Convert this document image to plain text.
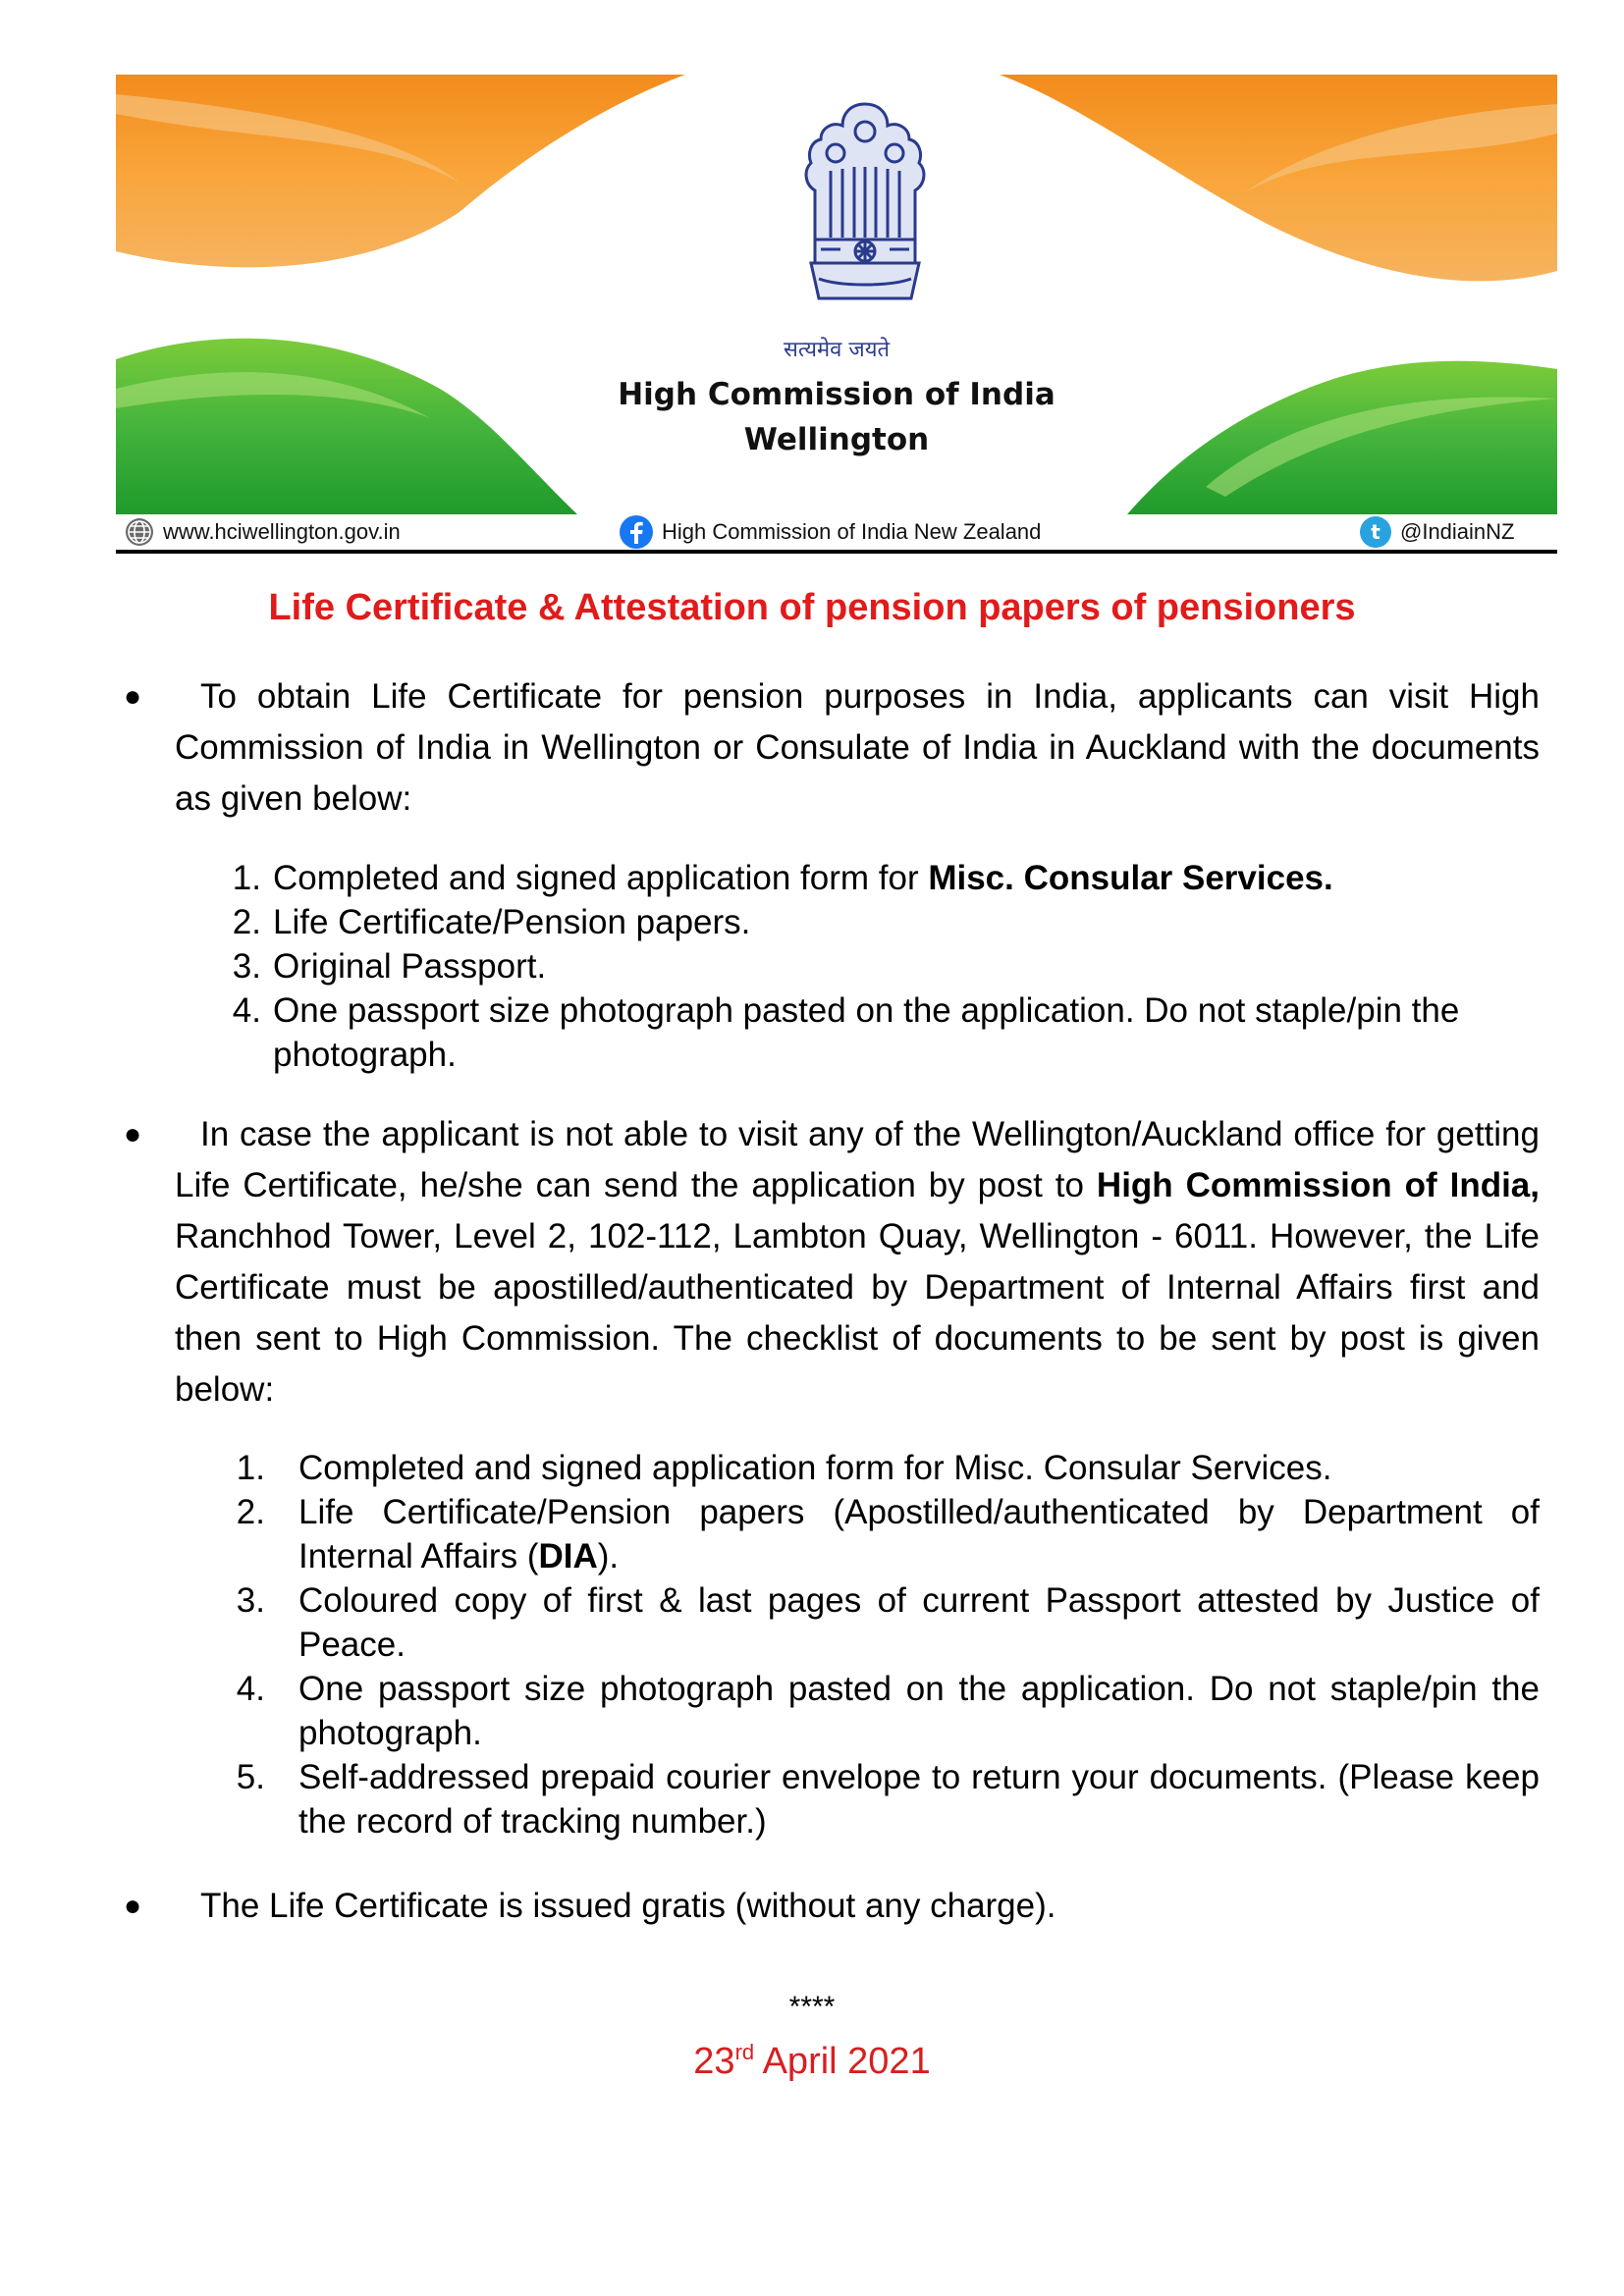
सत्यमेव जयते
High Commission of India
Wellington
www.hciwellington.gov.in	High Commission of India New Zealand	t @IndiainNZ
Life Certificate & Attestation of pension papers of pensioners
●	To obtain Life Certificate for pension purposes in India, applicants can visit High Commission of India in Wellington or Consulate of India in Auckland with the documents as given below:
1. Completed and signed application form for Misc. Consular Services.
2. Life Certificate/Pension papers.
3. Original Passport.
4. One passport size photograph pasted on the application. Do not staple/pin the photograph.
●	In case the applicant is not able to visit any of the Wellington/Auckland office for getting Life Certificate, he/she can send the application by post to High Commission of India, Ranchhod Tower, Level 2, 102-112, Lambton Quay, Wellington - 6011. However, the Life Certificate must be apostilled/authenticated by Department of Internal Affairs first and then sent to High Commission. The checklist of documents to be sent by post is given below:
1. Completed and signed application form for Misc. Consular Services.
2. Life Certificate/Pension papers (Apostilled/authenticated by Department of Internal Affairs (DIA).
3. Coloured copy of first & last pages of current Passport attested by Justice of Peace.
4. One passport size photograph pasted on the application. Do not staple/pin the photograph.
5. Self-addressed prepaid courier envelope to return your documents. (Please keep the record of tracking number.)
●	The Life Certificate is issued gratis (without any charge).
****
23rd April 2021
